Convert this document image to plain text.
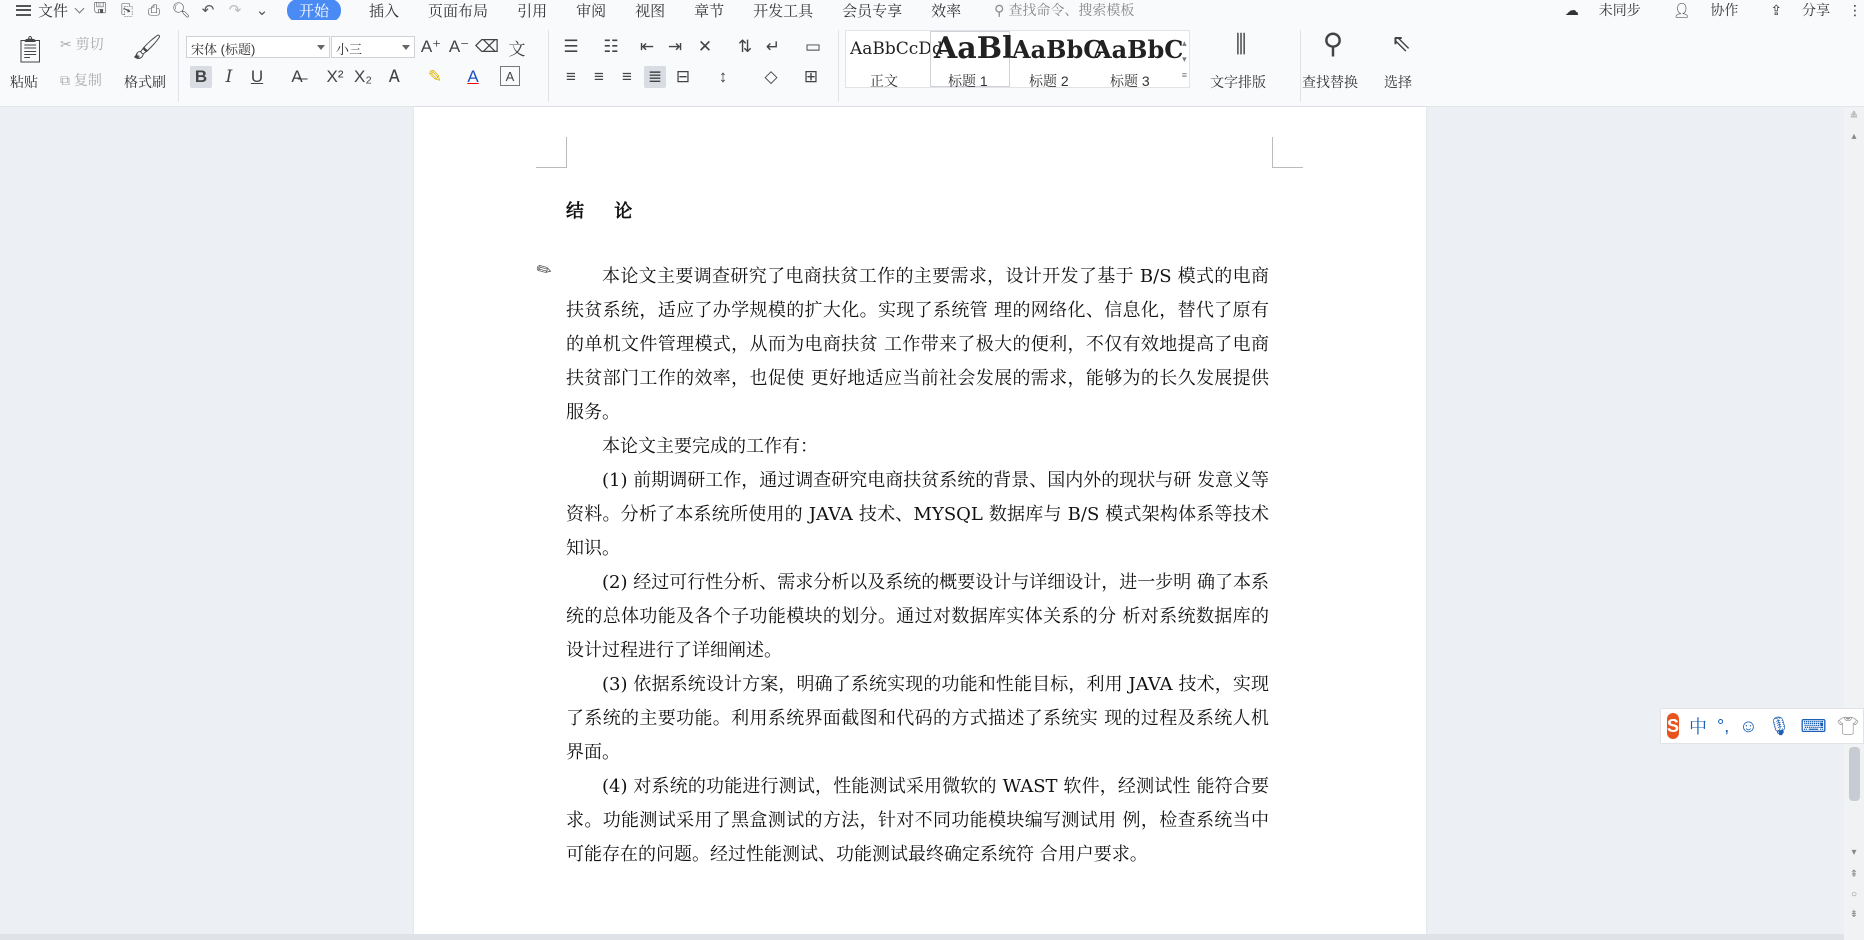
文件	🖫 ⎘ ⎙ 🔍︎ ↶ ↷ ⌄	开始	插入 页面布局 引用 审阅 视图 章节 开发工具 会员专享 效率 ⚲ 查找命令、搜索模板	☁ 未同步	👤︎ 协作	⇪ 分享 ⋮
📋︎
粘贴
✂ 剪切
⧉ 复制
🖌︎
格式刷
宋体 (标题)	小三	A⁺ A⁻ ⌫ 文
B	I	U	A̶	X² X₂	Ꭺ	✎	A	A
☰ ☷ ⇤ ⇥ ✕ ⇅ ↵ ▭
≡	≡	≡ ≣ ⊟	↕	◇ ⊞
AaBbCcDd
正文
AaBl
标题 1
AaBbC
标题 2
AaBbC
标题 3
▴
▾
≡
⫼
文字排版
⚲
查找替换
⇖
选择
结 论

本论文主要调查研究了电商扶贫工作的主要需求，设计开发了基于 B/S 模式的电商扶贫系统，适应了办学规模的扩大化。实现了系统管 理的网络化、信息化，替代了原有的单机文件管理模式，从而为电商扶贫 工作带来了极大的便利，不仅有效地提高了电商扶贫部门工作的效率，也促使 更好地适应当前社会发展的需求，能够为的长久发展提供服务。

本论文主要完成的工作有：

(1) 前期调研工作，通过调查研究电商扶贫系统的背景、国内外的现状与研 发意义等资料。分析了本系统所使用的 JAVA 技术、MYSQL 数据库与 B/S 模式架构体系等技术知识。

(2) 经过可行性分析、需求分析以及系统的概要设计与详细设计，进一步明 确了本系统的总体功能及各个子功能模块的划分。通过对数据库实体关系的分 析对系统数据库的设计过程进行了详细阐述。

(3) 依据系统设计方案，明确了系统实现的功能和性能目标，利用 JAVA 技术，实现了系统的主要功能。利用系统界面截图和代码的方式描述了系统实 现的过程及系统人机界面。

(4) 对系统的功能进行测试，性能测试采用微软的 WAST 软件，经测试性 能符合要求。功能测试采用了黑盒测试的方法，针对不同功能模块编写测试用 例，检查系统当中可能存在的问题。经过性能测试、功能测试最终确定系统符 合用户要求。

✎
≗
▴
▾
⇞
○
⇟
S 中 °, ☺ 🎙︎ ⌨ 👕︎
